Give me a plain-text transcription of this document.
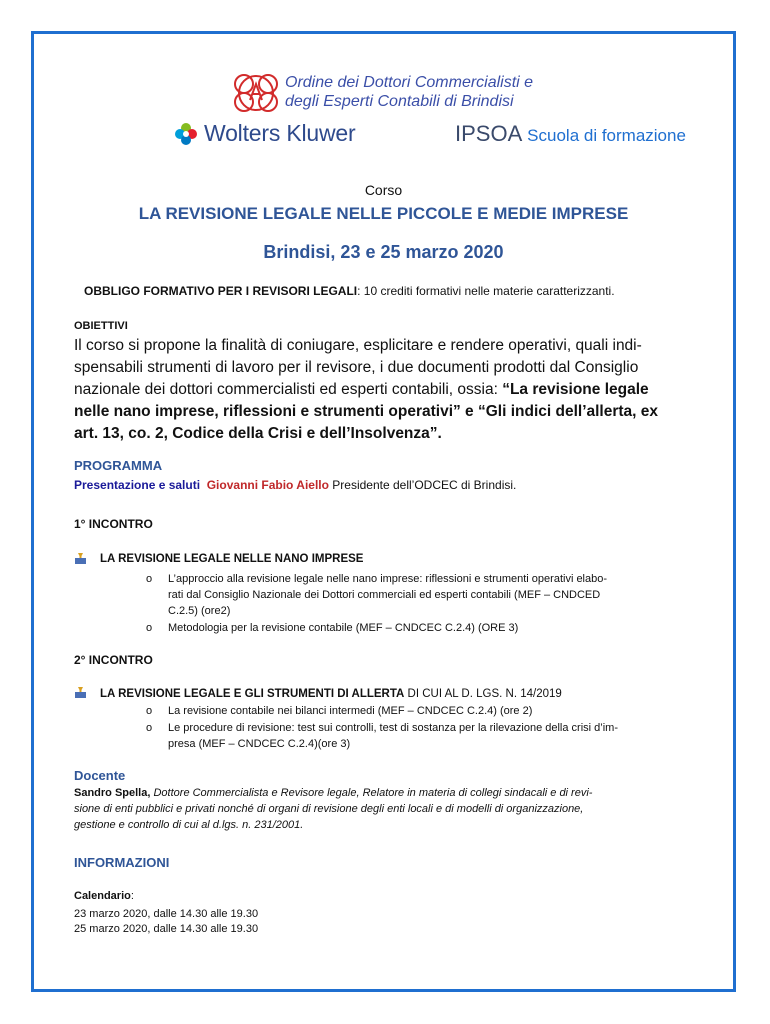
Ordine dei Dottori Commercialisti e
degli Esperti Contabili di Brindisi
Wolters Kluwer	IPSOA Scuola di formazione
Corso
LA REVISIONE LEGALE NELLE PICCOLE E MEDIE IMPRESE
Brindisi, 23 e 25 marzo 2020
OBBLIGO FORMATIVO PER I REVISORI LEGALI: 10 crediti formativi nelle materie caratterizzanti.
OBIETTIVI
Il corso si propone la finalità di coniugare, esplicitare e rendere operativi, quali indi-
spensabili strumenti di lavoro per il revisore, i due documenti prodotti dal Consiglio
nazionale dei dottori commercialisti ed esperti contabili, ossia: “La revisione legale
nelle nano imprese, riflessioni e strumenti operativi” e “Gli indici dell’allerta, ex
art. 13, co. 2, Codice della Crisi e dell’Insolvenza”.
PROGRAMMA
Presentazione e saluti Giovanni Fabio Aiello Presidente dell’ODCEC di Brindisi.
1° INCONTRO
LA REVISIONE LEGALE NELLE NANO IMPRESE
o L’approccio alla revisione legale nelle nano imprese: riflessioni e strumenti operativi elabo-
rati dal Consiglio Nazionale dei Dottori commerciali ed esperti contabili (MEF – CNDCED
C.2.5) (ore2)
o Metodologia per la revisione contabile (MEF – CNDCEC C.2.4) (ORE 3)
2° INCONTRO
LA REVISIONE LEGALE E GLI STRUMENTI DI ALLERTA DI CUI AL D. LGS. N. 14/2019
o La revisione contabile nei bilanci intermedi (MEF – CNDCEC C.2.4) (ore 2)
o Le procedure di revisione: test sui controlli, test di sostanza per la rilevazione della crisi d’im-
presa (MEF – CNDCEC C.2.4)(ore 3)
Docente
Sandro Spella, Dottore Commercialista e Revisore legale, Relatore in materia di collegi sindacali e di revi-
sione di enti pubblici e privati nonché di organi di revisione degli enti locali e di modelli di organizzazione,
gestione e controllo di cui al d.lgs. n. 231/2001.
INFORMAZIONI
Calendario:
23 marzo 2020, dalle 14.30 alle 19.30
25 marzo 2020, dalle 14.30 alle 19.30
